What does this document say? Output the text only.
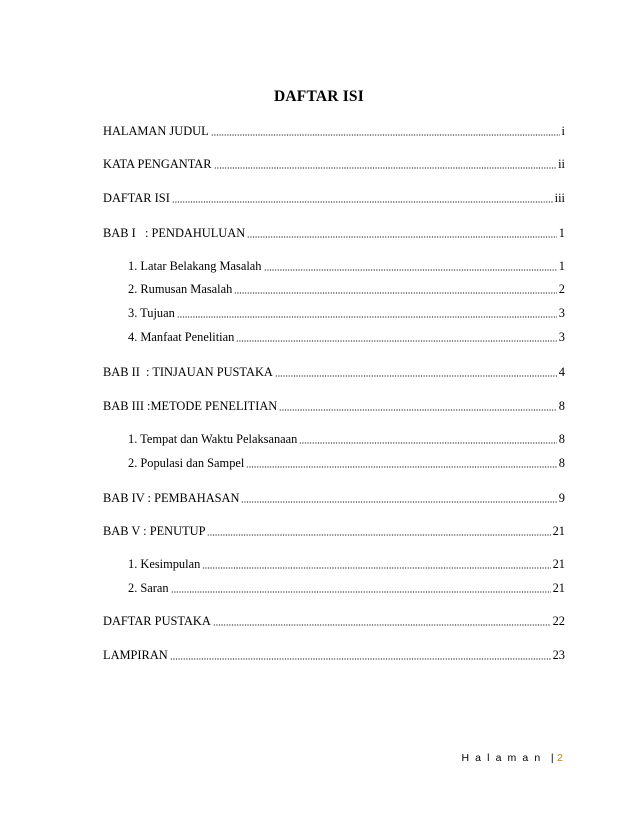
DAFTAR ISI
HALAMAN JUDUL	i
KATA PENGANTAR	ii
DAFTAR ISI	iii
BAB I   : PENDAHULUAN	1
1. Latar Belakang Masalah	1
2. Rumusan Masalah	2
3. Tujuan	3
4. Manfaat Penelitian	3
BAB II  : TINJAUAN PUSTAKA	4
BAB III :METODE PENELITIAN	8
1. Tempat dan Waktu Pelaksanaan	8
2. Populasi dan Sampel	8
BAB IV : PEMBAHASAN	9
BAB V : PENUTUP	21
1. Kesimpulan	21
2. Saran	21
DAFTAR PUSTAKA	22
LAMPIRAN	23
H a l a m a n  | 2
